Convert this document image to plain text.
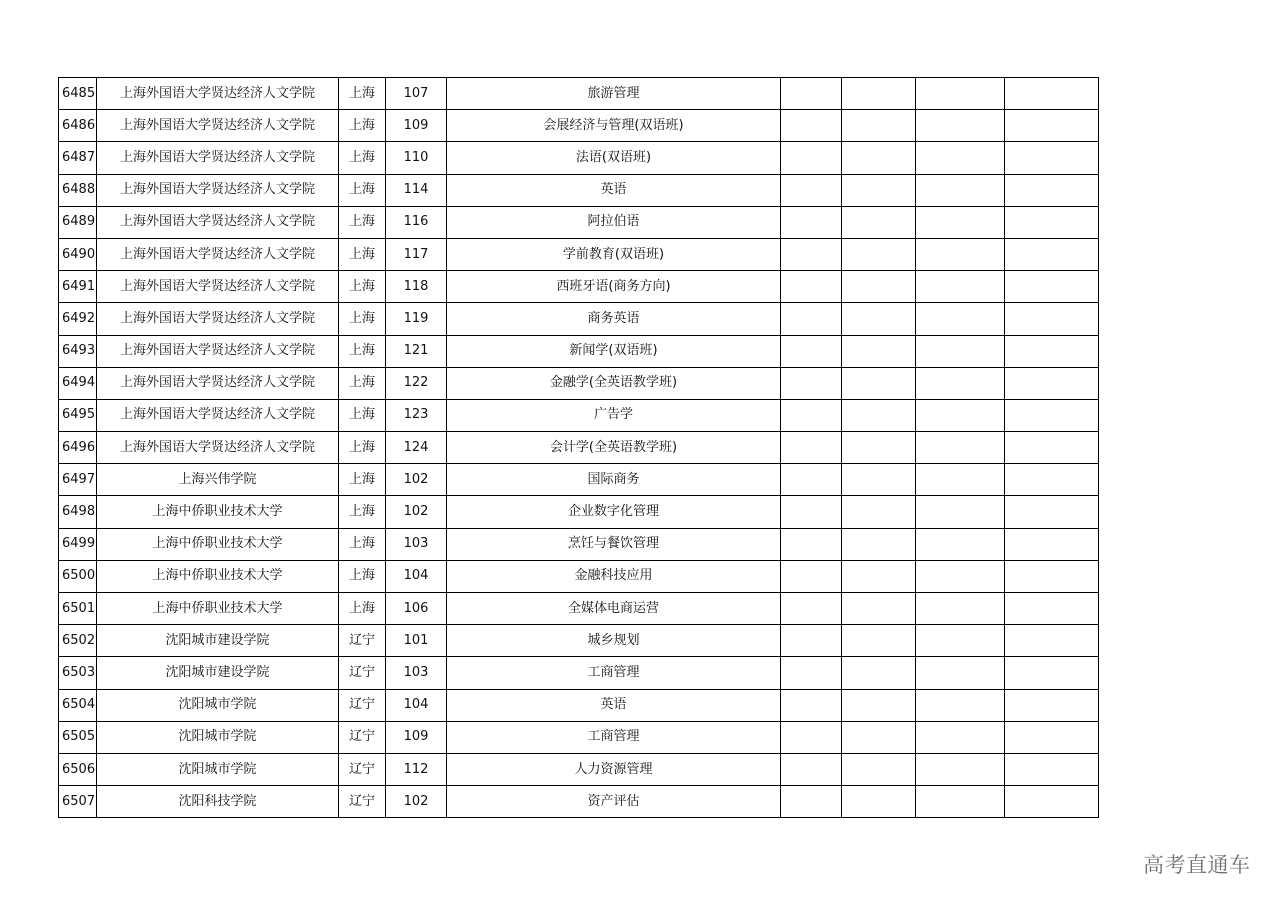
6485	上海外国语大学贤达经济人文学院	上海	107	旅游管理				
6486	上海外国语大学贤达经济人文学院	上海	109	会展经济与管理(双语班)				
6487	上海外国语大学贤达经济人文学院	上海	110	法语(双语班)				
6488	上海外国语大学贤达经济人文学院	上海	114	英语				
6489	上海外国语大学贤达经济人文学院	上海	116	阿拉伯语				
6490	上海外国语大学贤达经济人文学院	上海	117	学前教育(双语班)				
6491	上海外国语大学贤达经济人文学院	上海	118	西班牙语(商务方向)				
6492	上海外国语大学贤达经济人文学院	上海	119	商务英语				
6493	上海外国语大学贤达经济人文学院	上海	121	新闻学(双语班)				
6494	上海外国语大学贤达经济人文学院	上海	122	金融学(全英语教学班)				
6495	上海外国语大学贤达经济人文学院	上海	123	广告学				
6496	上海外国语大学贤达经济人文学院	上海	124	会计学(全英语教学班)				
6497	上海兴伟学院	上海	102	国际商务				
6498	上海中侨职业技术大学	上海	102	企业数字化管理				
6499	上海中侨职业技术大学	上海	103	烹饪与餐饮管理				
6500	上海中侨职业技术大学	上海	104	金融科技应用				
6501	上海中侨职业技术大学	上海	106	全媒体电商运营				
6502	沈阳城市建设学院	辽宁	101	城乡规划				
6503	沈阳城市建设学院	辽宁	103	工商管理				
6504	沈阳城市学院	辽宁	104	英语				
6505	沈阳城市学院	辽宁	109	工商管理				
6506	沈阳城市学院	辽宁	112	人力资源管理				
6507	沈阳科技学院	辽宁	102	资产评估				
高考直通车
